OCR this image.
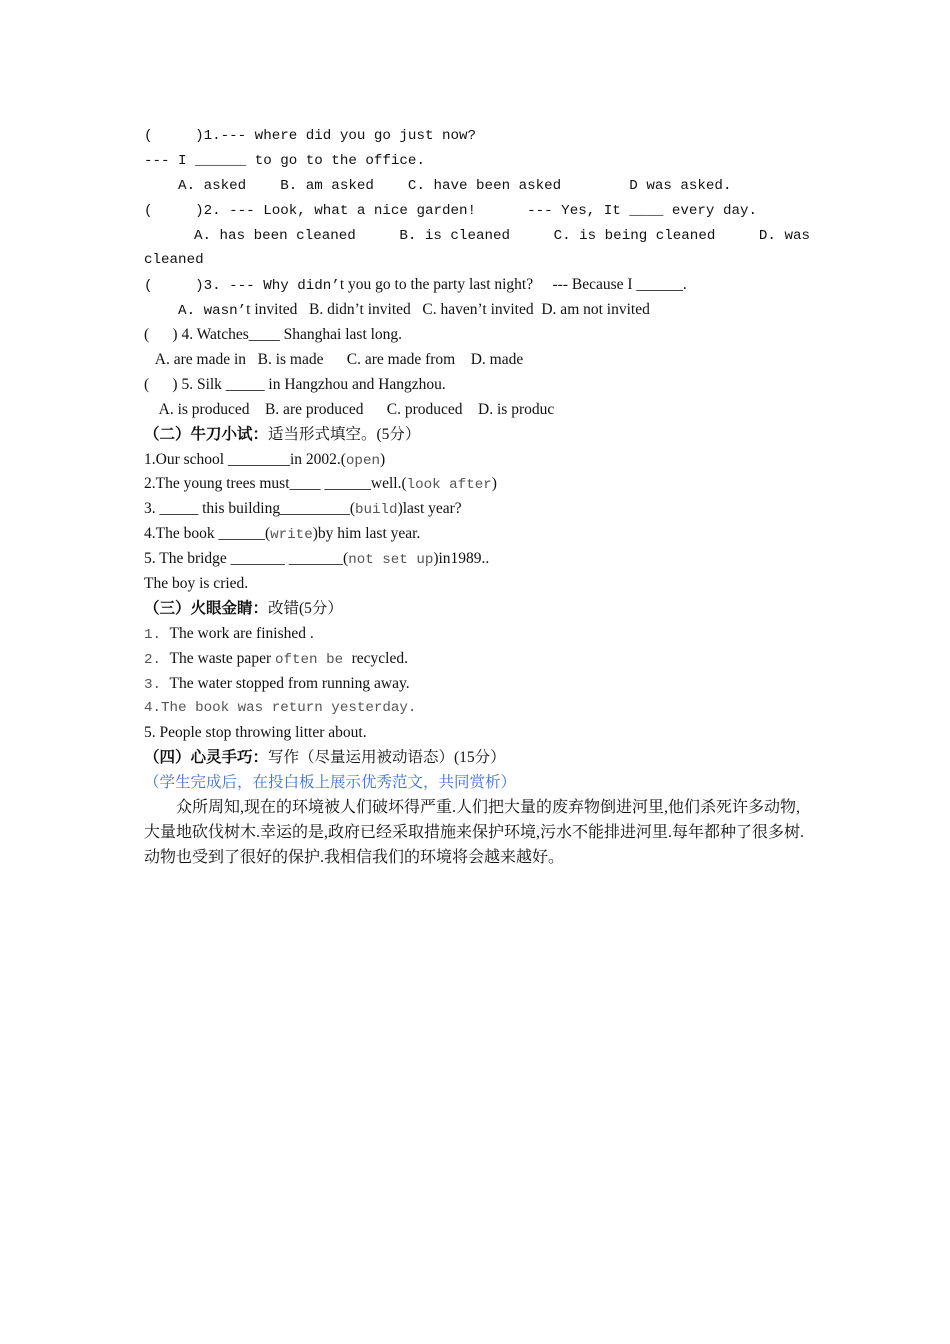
(     )1.--- where did you go just now?
--- I ______ to go to the office.
A. asked    B. am asked    C. have been asked        D was asked.
(     )2. --- Look, what a nice garden!      --- Yes, It ____ every day.
A. has been cleaned	B. is cleaned	C. is being cleaned	D. was
cleaned
(     )3. --- Why didn’t you go to the party last night?     --- Because I ______.
A. wasn’t invited   B. didn’t invited   C. haven’t invited  D. am not invited
(      ) 4. Watches____ Shanghai last long.
A. are made in   B. is made      C. are made from    D. made
(      ) 5. Silk _____ in Hangzhou and Hangzhou.
A. is produced    B. are produced      C. produced    D. is produc
（二）牛刀小试：适当形式填空。(5分）
1.Our school ________in 2002.(open)
2.The young trees must____ ______well.(look after)
3. _____ this building_________(build)last year?
4.The book ______(write)by him last year.
5. The bridge _______ _______(not set up)in1989..
The boy is cried.
（三）火眼金睛：改错(5分）
1. The work are finished .
2. The waste paper often be recycled.
3. The water stopped from running away.
4.The book was return yesterday.
5. People stop throwing litter about.
（四）心灵手巧：写作（尽量运用被动语态）(15分）
（学生完成后，在投白板上展示优秀范文，共同赏析）
众所周知,现在的环境被人们破坏得严重.人们把大量的废弃物倒进河里,他们杀死许多动物,大量地砍伐树木.幸运的是,政府已经采取措施来保护环境,污水不能排进河里.每年都种了很多树.动物也受到了很好的保护.我相信我们的环境将会越来越好。
